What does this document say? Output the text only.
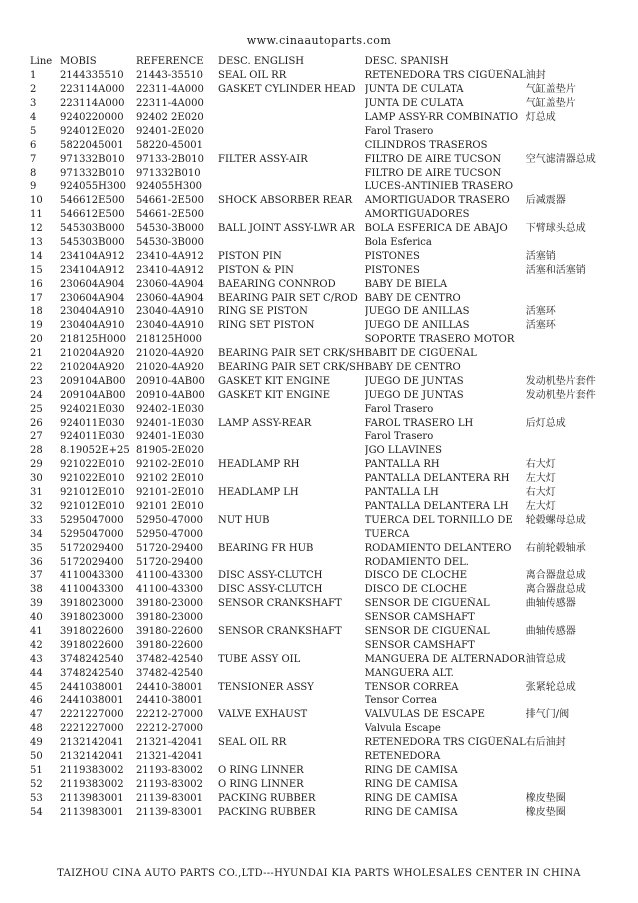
www.cinaautoparts.com
Line	MOBIS	REFERENCE	DESC. ENGLISH	DESC. SPANISH	
1	2144335510	21443-35510	SEAL OIL RR	RETENEDORA TRS CIGÜEÑAL	油封
2	223114A000	22311-4A000	GASKET CYLINDER HEAD	JUNTA DE CULATA	气缸盖垫片
3	223114A000	22311-4A000		JUNTA DE CULATA	气缸盖垫片
4	9240220000	92402 2E020		LAMP ASSY-RR COMBINATIO	灯总成
5	924012E020	92401-2E020		Farol Trasero	
6	5822045001	58220-45001		CILINDROS TRASEROS	
7	971332B010	97133-2B010	FILTER ASSY-AIR	FILTRO DE AIRE TUCSON	空气滤清器总成
8	971332B010	971332B010		FILTRO DE AIRE TUCSON	
9	924055H300	924055H300		LUCES-ANTINIEB TRASERO	
10	546612E500	54661-2E500	SHOCK ABSORBER REAR	AMORTIGUADOR TRASERO	后减震器
11	546612E500	54661-2E500		AMORTIGUADORES	
12	545303B000	54530-3B000	BALL JOINT ASSY-LWR AR	BOLA ESFERICA DE ABAJO	下臂球头总成
13	545303B000	54530-3B000		Bola Esferica	
14	234104A912	23410-4A912	PISTON PIN	PISTONES	活塞销
15	234104A912	23410-4A912	PISTON & PIN	PISTONES	活塞和活塞销
16	230604A904	23060-4A904	BAEARING CONNROD	BABY DE BIELA	
17	230604A904	23060-4A904	BEARING PAIR SET C/ROD	BABY DE CENTRO	
18	230404A910	23040-4A910	RING SE PISTON	JUEGO DE ANILLAS	活塞环
19	230404A910	23040-4A910	RING SET PISTON	JUEGO DE ANILLAS	活塞环
20	218125H000	218125H000		SOPORTE TRASERO MOTOR	
21	210204A920	21020-4A920	BEARING PAIR SET CRK/SH	BABIT DE CIGÜEÑAL	
22	210204A920	21020-4A920	BEARING PAIR SET CRK/SH	BABY DE CENTRO	
23	209104AB00	20910-4AB00	GASKET KIT ENGINE	JUEGO DE JUNTAS	发动机垫片套件
24	209104AB00	20910-4AB00	GASKET KIT ENGINE	JUEGO DE JUNTAS	发动机垫片套件
25	924021E030	92402-1E030		Farol Trasero	
26	924011E030	92401-1E030	LAMP ASSY-REAR	FAROL TRASERO LH	后灯总成
27	924011E030	92401-1E030		Farol Trasero	
28	8.19052E+25	81905-2E020		JGO LLAVINES	
29	921022E010	92102-2E010	HEADLAMP RH	PANTALLA RH	右大灯
30	921022E010	92102 2E010		PANTALLA DELANTERA RH	左大灯
31	921012E010	92101-2E010	HEADLAMP LH	PANTALLA LH	右大灯
32	921012E010	92101 2E010		PANTALLA DELANTERA LH	左大灯
33	5295047000	52950-47000	NUT HUB	TUERCA DEL TORNILLO DE	轮毂螺母总成
34	5295047000	52950-47000		TUERCA	
35	5172029400	51720-29400	BEARING FR HUB	RODAMIENTO DELANTERO	右前轮毂轴承
36	5172029400	51720-29400		RODAMIENTO DEL.	
37	4110043300	41100-43300	DISC ASSY-CLUTCH	DISCO DE CLOCHE	离合器盘总成
38	4110043300	41100-43300	DISC ASSY-CLUTCH	DISCO DE CLOCHE	离合器盘总成
39	3918023000	39180-23000	SENSOR CRANKSHAFT	SENSOR DE CIGUEÑAL	曲轴传感器
40	3918023000	39180-23000		SENSOR CAMSHAFT	
41	3918022600	39180-22600	SENSOR CRANKSHAFT	SENSOR DE CIGUEÑAL	曲轴传感器
42	3918022600	39180-22600		SENSOR CAMSHAFT	
43	3748242540	37482-42540	TUBE ASSY OIL	MANGUERA DE ALTERNADOR	油管总成
44	3748242540	37482-42540		MANGUERA ALT.	
45	2441038001	24410-38001	TENSIONER ASSY	TENSOR CORREA	张紧轮总成
46	2441038001	24410-38001		Tensor Correa	
47	2221227000	22212-27000	VALVE EXHAUST	VALVULAS DE ESCAPE	排气门/阀
48	2221227000	22212-27000		Valvula Escape	
49	2132142041	21321-42041	SEAL OIL RR	RETENEDORA TRS CIGÜEÑAL	右后油封
50	2132142041	21321-42041		RETENEDORA	
51	2119383002	21193-83002	O RING LINNER	RING DE CAMISA	
52	2119383002	21193-83002	O RING LINNER	RING DE CAMISA	
53	2113983001	21139-83001	PACKING RUBBER	RING DE CAMISA	橡皮垫圈
54	2113983001	21139-83001	PACKING RUBBER	RING DE CAMISA	橡皮垫圈
TAIZHOU CINA AUTO PARTS CO.,LTD---HYUNDAI KIA PARTS WHOLESALES CENTER IN CHINA
